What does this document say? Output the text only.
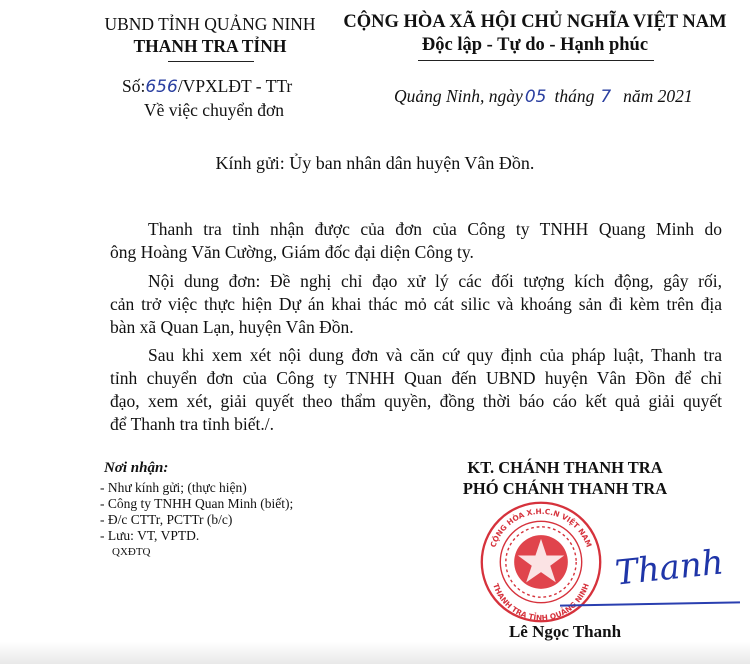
UBND TỈNH QUẢNG NINH
THANH TRA TỈNH
CỘNG HÒA XÃ HỘI CHỦ NGHĨA VIỆT NAM
Độc lập - Tự do - Hạnh phúc
Số:656/VPXLĐT - TTr
Về việc chuyển đơn
Quảng Ninh, ngày 05 tháng 7 năm 2021
Kính gửi: Ủy ban nhân dân huyện Vân Đồn.
Thanh tra tỉnh nhận được của đơn của Công ty TNHH Quang Minh do
ông Hoàng Văn Cường, Giám đốc đại diện Công ty.
Nội dung đơn: Đề nghị chỉ đạo xử lý các đối tượng kích động, gây rối,
cản trở việc thực hiện Dự án khai thác mỏ cát silic và khoáng sản đi kèm trên địa
bàn xã Quan Lạn, huyện Vân Đồn.
Sau khi xem xét nội dung đơn và căn cứ quy định của pháp luật, Thanh tra
tỉnh chuyển đơn của Công ty TNHH Quan đến UBND huyện Vân Đồn để chỉ
đạo, xem xét, giải quyết theo thẩm quyền, đồng thời báo cáo kết quả giải quyết
để Thanh tra tỉnh biết./.
Nơi nhận:
- Như kính gửi; (thực hiện)
- Công ty TNHH Quan Minh (biết);
- Đ/c CTTr, PCTTr (b/c)
- Lưu: VT, VPTD.
QXĐTQ
KT. CHÁNH THANH TRA
PHÓ CHÁNH THANH TRA
CỘNG HÒA X.H.C.N VIỆT NAM
THANH TRA TỈNH QUẢNG NINH Thanh
Lê Ngọc Thanh
